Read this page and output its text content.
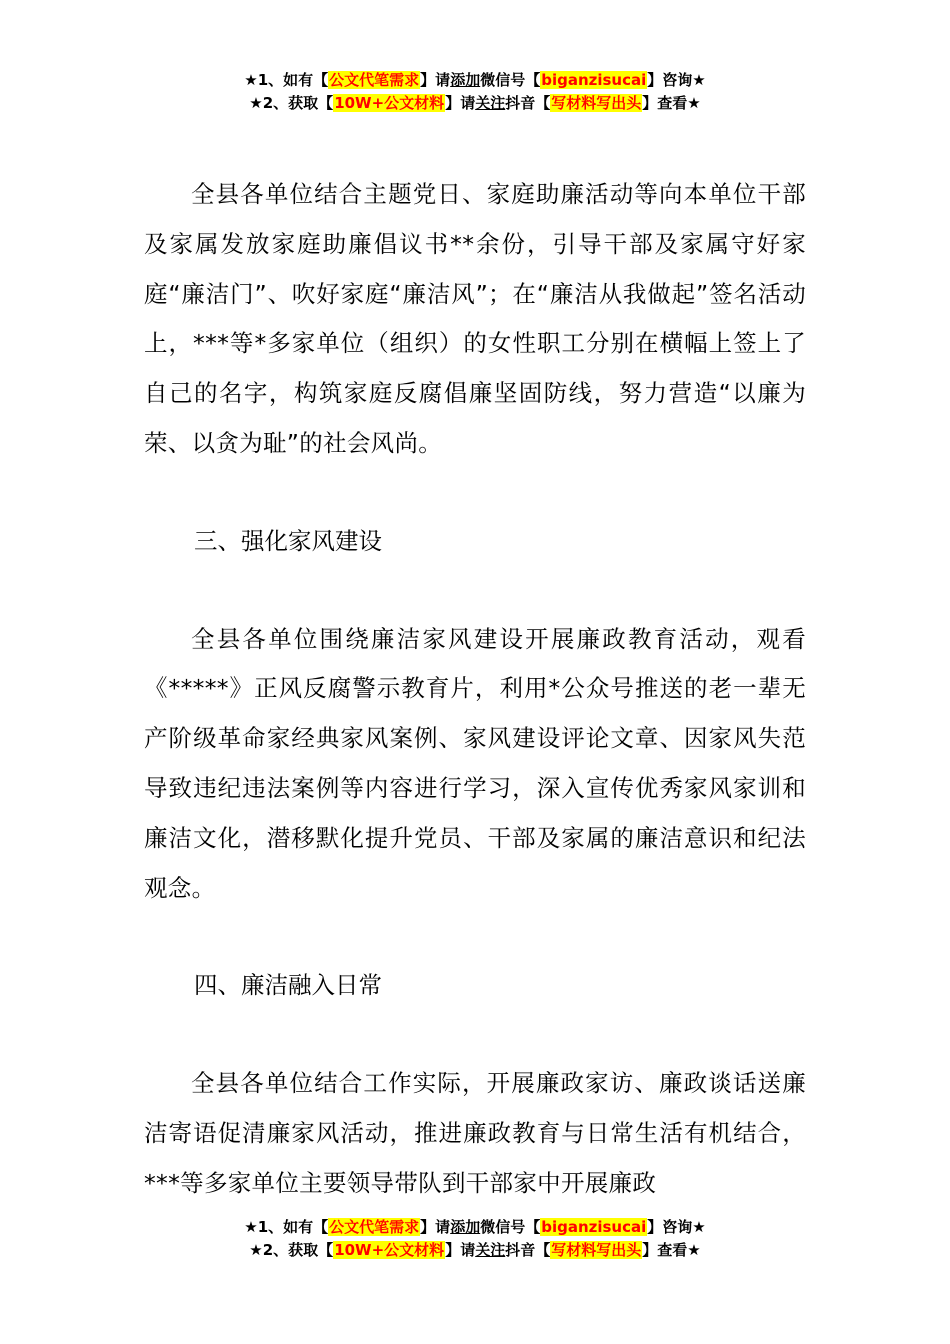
★1、如有【公文代笔需求】请添加微信号【biganzisucai】咨询★
★2、获取【10W+公文材料】请关注抖音【写材料写出头】查看★

全县各单位结合主题党日、家庭助廉活动等向本单位干部及家属发放家庭助廉倡议书**余份，引导干部及家属守好家庭“廉洁门”、吹好家庭“廉洁风”；在“廉洁从我做起”签名活动上，***等*多家单位（组织）的女性职工分别在横幅上签上了自己的名字，构筑家庭反腐倡廉坚固防线，努力营造“以廉为荣、以贪为耻”的社会风尚。

三、强化家风建设

全县各单位围绕廉洁家风建设开展廉政教育活动，观看《*****》正风反腐警示教育片，利用*公众号推送的老一辈无产阶级革命家经典家风案例、家风建设评论文章、因家风失范导致违纪违法案例等内容进行学习，深入宣传优秀家风家训和廉洁文化，潜移默化提升党员、干部及家属的廉洁意识和纪法观念。

四、廉洁融入日常

全县各单位结合工作实际，开展廉政家访、廉政谈话送廉洁寄语促清廉家风活动，推进廉政教育与日常生活有机结合，***等多家单位主要领导带队到干部家中开展廉政

★1、如有【公文代笔需求】请添加微信号【biganzisucai】咨询★
★2、获取【10W+公文材料】请关注抖音【写材料写出头】查看★
